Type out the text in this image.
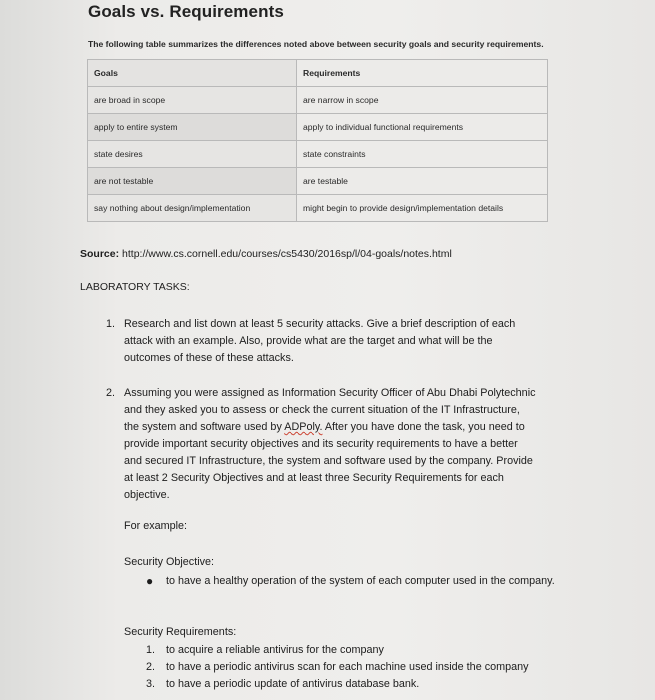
Goals vs. Requirements
The following table summarizes the differences noted above between security goals and security requirements.
Goals	Requirements
are broad in scope	are narrow in scope
apply to entire system	apply to individual functional requirements
state desires	state constraints
are not testable	are testable
say nothing about design/implementation	might begin to provide design/implementation details
Source: http://www.cs.cornell.edu/courses/cs5430/2016sp/l/04-goals/notes.html
LABORATORY TASKS:
1. Research and list down at least 5 security attacks. Give a brief description of each
attack with an example. Also, provide what are the target and what will be the
outcomes of these of these attacks.
2. Assuming you were assigned as Information Security Officer of Abu Dhabi Polytechnic
and they asked you to assess or check the current situation of the IT Infrastructure,
the system and software used by ADPoly. After you have done the task, you need to
provide important security objectives and its security requirements to have a better
and secured IT Infrastructure, the system and software used by the company. Provide
at least 2 Security Objectives and at least three Security Requirements for each
objective.
For example:
Security Objective:
● to have a healthy operation of the system of each computer used in the company.
Security Requirements:
1. to acquire a reliable antivirus for the company
2. to have a periodic antivirus scan for each machine used inside the company
3. to have a periodic update of antivirus database bank.
